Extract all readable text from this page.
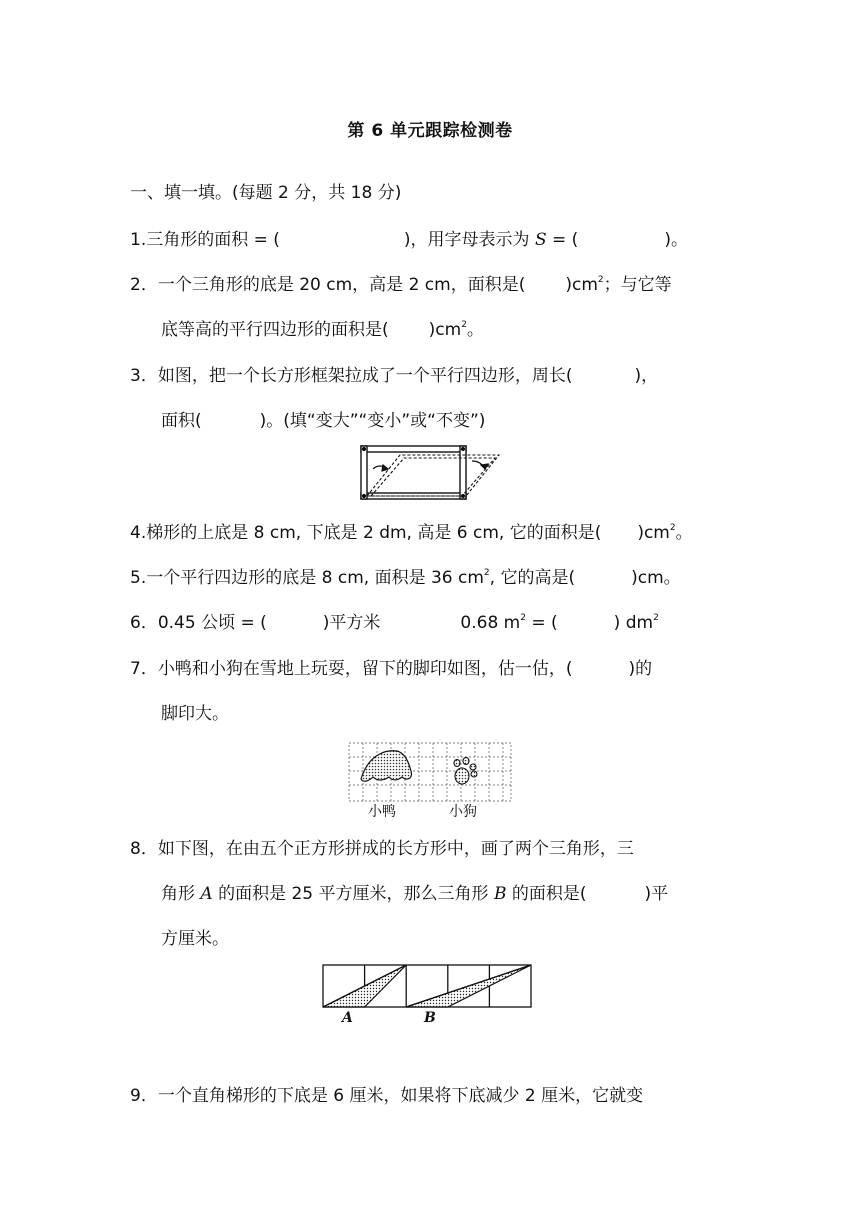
第 6 单元跟踪检测卷
一、填一填。(每题 2 分，共 18 分)
1.三角形的面积 = (	)，用字母表示为 S = (	)。
2．一个三角形的底是 20 cm，高是 2 cm，面积是( )$cm^2$；与它等
底等高的平行四边形的面积是( )$cm^2$。
3．如图，把一个长方形框架拉成了一个平行四边形，周长(	)，
面积(	)。(填“变大”“变小”或“不变”)
4.梯形的上底是 8 cm, 下底是 2 dm, 高是 6 cm, 它的面积是( )$cm^2$。
5.一个平行四边形的底是 8 cm, 面积是 36 $cm^2$, 它的高是(	)cm。
6．0.45 公顷 = (	)平方米	0.68 $m^2$ = (	) $dm^2$
7．小鸭和小狗在雪地上玩耍，留下的脚印如图，估一估，(	)的
脚印大。
小鸭	小狗
8．如下图，在由五个正方形拼成的长方形中，画了两个三角形，三
角形 A 的面积是 25 平方厘米，那么三角形 B 的面积是(	)平
方厘米。
A	B
9．一个直角梯形的下底是 6 厘米，如果将下底减少 2 厘米，它就变
